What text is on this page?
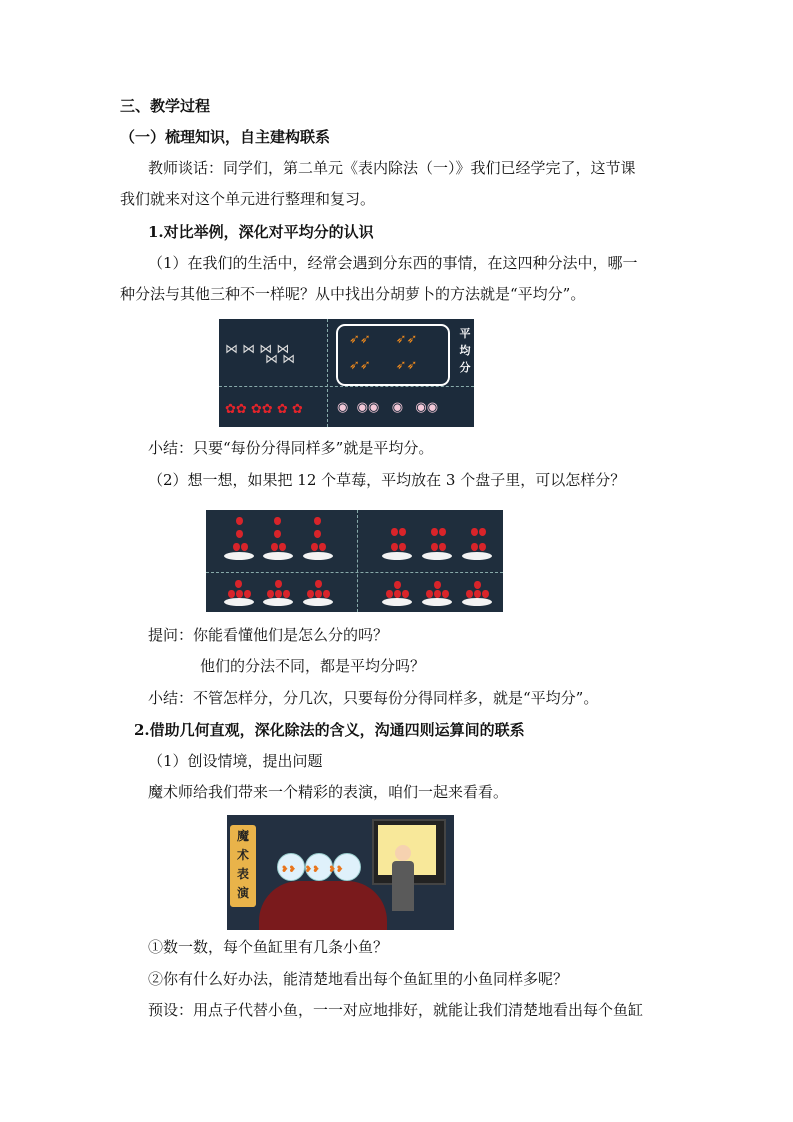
三、教学过程
（一）梳理知识，自主建构联系
教师谈话：同学们，第二单元《表内除法（一）》我们已经学完了，这节课
我们就来对这个单元进行整理和复习。
1.对比举例，深化对平均分的认识
（1）在我们的生活中，经常会遇到分东西的事情，在这四种分法中，哪一
种分法与其他三种不一样呢？从中找出分胡萝卜的方法就是“平均分”。
⋈ ⋈ ⋈ ⋈
⋈ ⋈
➶➶      ➶➶
➶➶      ➶➶
平均分
✿✿ ✿✿ ✿ ✿	◉  ◉◉   ◉   ◉◉
小结：只要“每份分得同样多”就是平均分。
（2）想一想，如果把 12 个草莓，平均放在 3 个盘子里，可以怎样分？
提问：你能看懂他们是怎么分的吗？
他们的分法不同，都是平均分吗？
小结：不管怎样分，分几次，只要每份分得同样多，就是“平均分”。
2.借助几何直观，深化除法的含义，沟通四则运算间的联系
（1）创设情境，提出问题
魔术师给我们带来一个精彩的表演，咱们一起来看看。
魔术表演
❥❥   ❥❥   ❥❥
①数一数，每个鱼缸里有几条小鱼？
②你有什么好办法，能清楚地看出每个鱼缸里的小鱼同样多呢？
预设：用点子代替小鱼，一一对应地排好，就能让我们清楚地看出每个鱼缸
